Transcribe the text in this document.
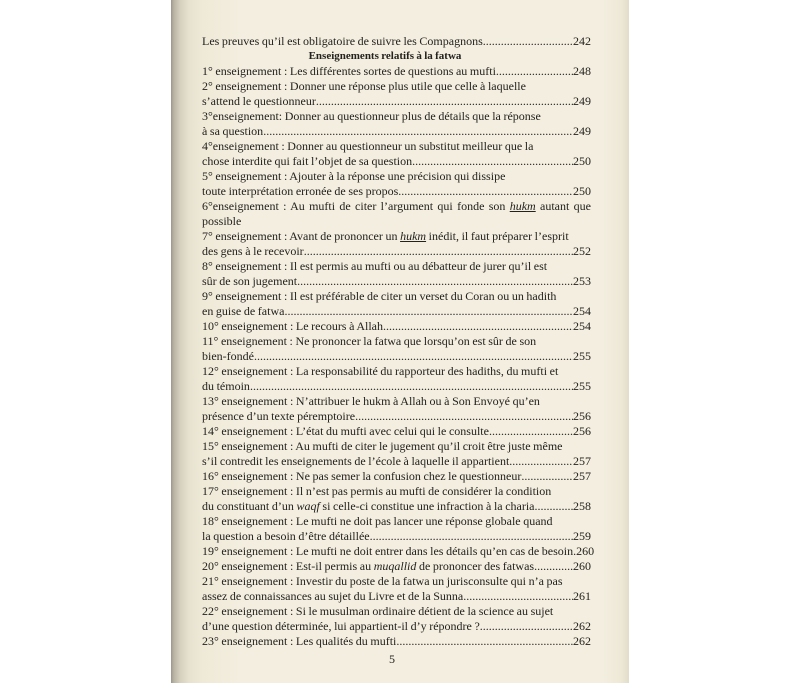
Les preuves qu’il est obligatoire de suivre les Compagnons .....	242
Enseignements relatifs à la fatwa
1° enseignement : Les différentes sortes de questions au mufti .....	248
2° enseignement : Donner une réponse plus utile que celle à laquelle
s’attend le questionneur .....	249
3°enseignement: Donner au questionneur plus de détails que la réponse
à sa question .....	249
4°enseignement : Donner au questionneur un substitut meilleur que la
chose interdite qui fait l’objet de sa question .....	250
5° enseignement : Ajouter à la réponse une précision qui dissipe
toute interprétation erronée de ses propos .....	250
6°enseignement : Au mufti de citer l’argument qui fonde son hukm autant que
possible
7° enseignement : Avant de prononcer un hukm inédit, il faut préparer l’esprit
des gens à le recevoir .....	252
8° enseignement : Il est permis au mufti ou au débatteur de jurer qu’il est
sûr de son jugement .....	253
9° enseignement : Il est préférable de citer un verset du Coran ou un hadith
en guise de fatwa .....	254
10° enseignement : Le recours à Allah .....	254
11° enseignement : Ne prononcer la fatwa que lorsqu’on est sûr de son
bien-fondé .....	255
12° enseignement : La responsabilité du rapporteur des hadiths, du mufti et
du témoin .....	255
13° enseignement : N’attribuer le hukm à Allah ou à Son Envoyé qu’en
présence d’un texte péremptoire .....	256
14° enseignement : L’état du mufti avec celui qui le consulte .....	256
15° enseignement : Au mufti de citer le jugement qu’il croit être juste même
s’il contredit les enseignements de l’école à laquelle il appartient .....	257
16° enseignement : Ne pas semer la confusion chez le questionneur .....	257
17° enseignement : Il n’est pas permis au mufti de considérer la condition
du constituant d’un waqf si celle-ci constitue une infraction à la charia .....	258
18° enseignement : Le mufti ne doit pas lancer une réponse globale quand
la question a besoin d’être détaillée .....	259
19° enseignement : Le mufti ne doit entrer dans les détails qu’en cas de besoin ..... 260
20° enseignement : Est-il permis au muqallid de prononcer des fatwas .....	260
21° enseignement : Investir du poste de la fatwa un jurisconsulte qui n’a pas
assez de connaissances au sujet du Livre et de la Sunna .....	261
22° enseignement : Si le musulman ordinaire détient de la science au sujet
d’une question déterminée, lui appartient-il d’y répondre ? .....	262
23° enseignement : Les qualités du mufti .....	262
5
